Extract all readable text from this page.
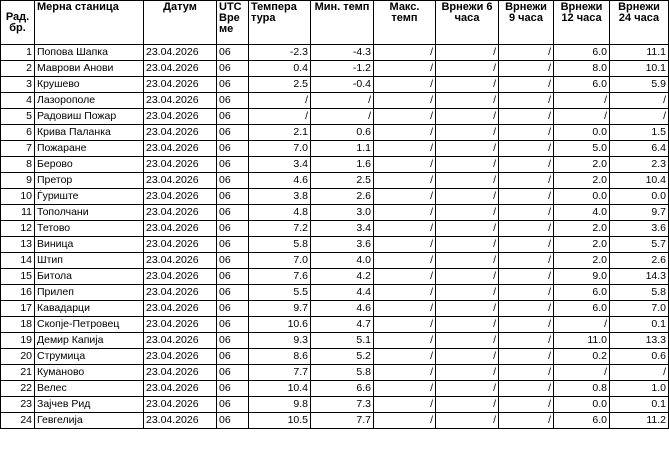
Рад. бр.	Мерна станица	Датум	UTC Вре ме	Темпера тура	Мин. темп	Макс. темп	Врнежи 6 часа	Врнежи 9 часа	Врнежи 12 часа	Врнежи 24 часа
1	Попова Шапка	23.04.2026	06	-2.3	-4.3	/	/	/	6.0	11.1
2	Маврови Анови	23.04.2026	06	0.4	-1.2	/	/	/	8.0	10.1
3	Крушево	23.04.2026	06	2.5	-0.4	/	/	/	6.0	5.9
4	Лазорополе	23.04.2026	06	/	/	/	/	/	/	/
5	Радовиш Пожар	23.04.2026	06	/	/	/	/	/	/	/
6	Крива Паланка	23.04.2026	06	2.1	0.6	/	/	/	0.0	1.5
7	Пожаране	23.04.2026	06	7.0	1.1	/	/	/	5.0	6.4
8	Берово	23.04.2026	06	3.4	1.6	/	/	/	2.0	2.3
9	Претор	23.04.2026	06	4.6	2.5	/	/	/	2.0	10.4
10	Ѓуриште	23.04.2026	06	3.8	2.6	/	/	/	0.0	0.0
11	Тополчани	23.04.2026	06	4.8	3.0	/	/	/	4.0	9.7
12	Тетово	23.04.2026	06	7.2	3.4	/	/	/	2.0	3.6
13	Виница	23.04.2026	06	5.8	3.6	/	/	/	2.0	5.7
14	Штип	23.04.2026	06	7.0	4.0	/	/	/	2.0	2.6
15	Битола	23.04.2026	06	7.6	4.2	/	/	/	9.0	14.3
16	Прилеп	23.04.2026	06	5.5	4.4	/	/	/	6.0	5.8
17	Кавадарци	23.04.2026	06	9.7	4.6	/	/	/	6.0	7.0
18	Скопје-Петровец	23.04.2026	06	10.6	4.7	/	/	/	/	0.1
19	Демир Капија	23.04.2026	06	9.3	5.1	/	/	/	11.0	13.3
20	Струмица	23.04.2026	06	8.6	5.2	/	/	/	0.2	0.6
21	Куманово	23.04.2026	06	7.7	5.8	/	/	/	/	/
22	Велес	23.04.2026	06	10.4	6.6	/	/	/	0.8	1.0
23	Зајчев Рид	23.04.2026	06	9.8	7.3	/	/	/	0.0	0.1
24	Гевгелија	23.04.2026	06	10.5	7.7	/	/	/	6.0	11.2
